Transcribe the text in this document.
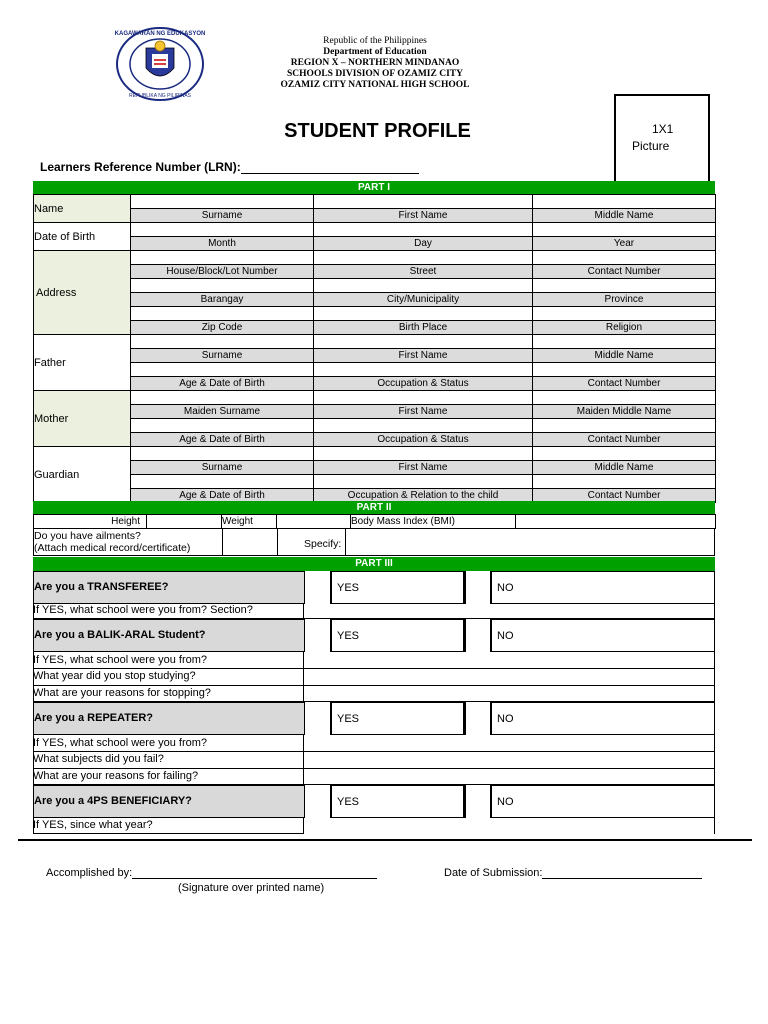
KAGAWARAN NG EDUKASYON
REPUBLIKA NG PILIPINAS
Republic of the Philippines
Department of Education
REGION X – NORTHERN MINDANAO
SCHOOLS DIVISION OF OZAMIZ CITY
OZAMIZ CITY NATIONAL HIGH SCHOOL
STUDENT PROFILE	1X1
Picture
Learners Reference Number (LRN):
PART I
Name			
	Surname	First Name	Middle Name
Date of Birth			
	Month	Day	Year
Address			
	House/Block/Lot Number	Street	Contact Number

	Barangay	City/Municipality	Province

	Zip Code	Birth Place	Religion
Father			
	Surname	First Name	Middle Name

	Age & Date of Birth	Occupation & Status	Contact Number
Mother			
	Maiden Surname	First Name	Maiden Middle Name

	Age & Date of Birth	Occupation & Status	Contact Number
Guardian			
	Surname	First Name	Middle Name

	Age & Date of Birth	Occupation & Relation to the child	Contact Number
PART II
Height		Weight		Body Mass Index (BMI)	
Do you have ailments?
(Attach medical record/certificate)	Specify:
PART III
Are you a TRANSFEREE?	YES	NO
If YES, what school were you from? Section?
Are you a BALIK-ARAL Student?	YES	NO
If YES, what school were you from?
What year did you stop studying?
What are your reasons for stopping?
Are you a REPEATER?	YES	NO
If YES, what school were you from?
What subjects did you fail?
What are your reasons for failing?
Are you a 4PS BENEFICIARY?	YES	NO
If YES, since what year?
Accomplished by:
(Signature over printed name)
Date of Submission:
